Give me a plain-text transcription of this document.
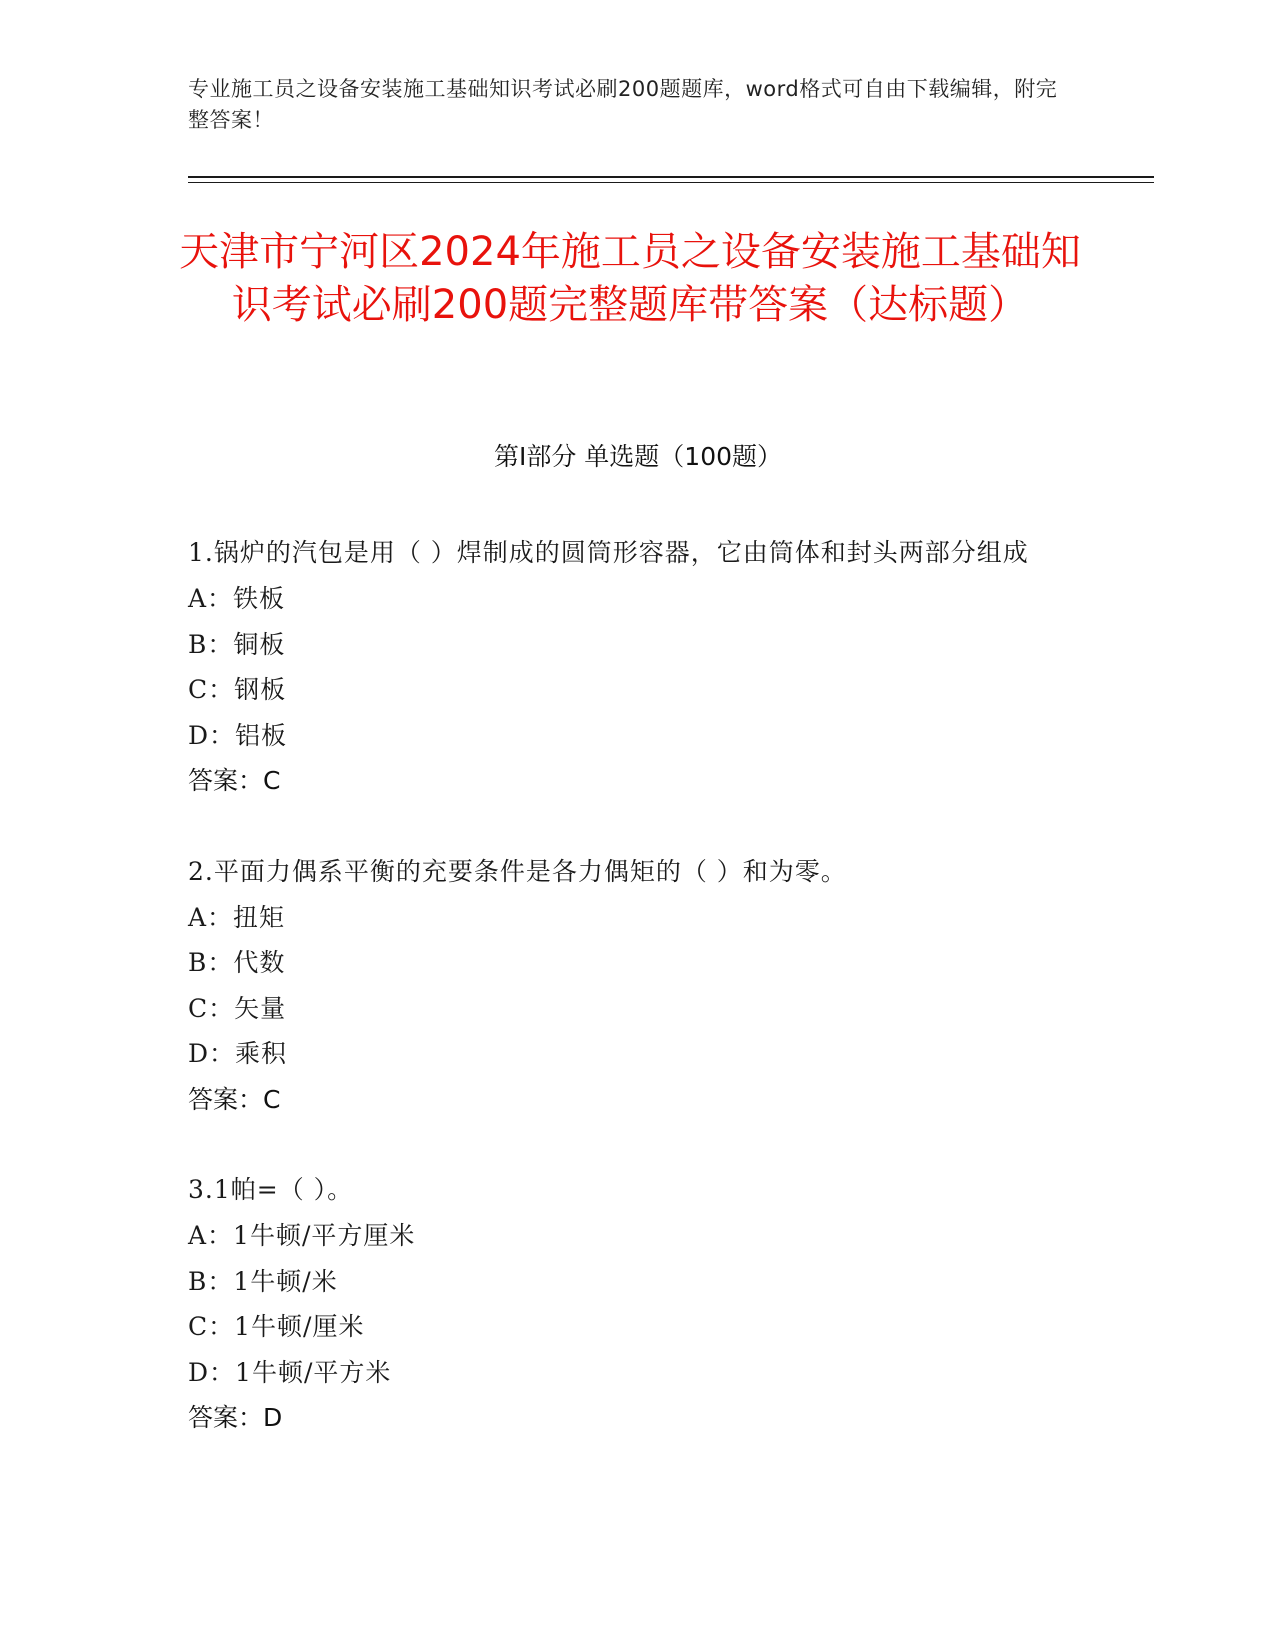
专业施工员之设备安装施工基础知识考试必刷200题题库，word格式可自由下载编辑，附完整答案！
天津市宁河区2024年施工员之设备安装施工基础知识考试必刷200题完整题库带答案（达标题）
第Ⅰ部分 单选题（100题）
1.锅炉的汽包是用（ ）焊制成的圆筒形容器，它由筒体和封头两部分组成
A：铁板
B：铜板
C：钢板
D：铝板
答案：C
2.平面力偶系平衡的充要条件是各力偶矩的（ ）和为零。
A：扭矩
B：代数
C：矢量
D：乘积
答案：C
3.1帕=（ ）。
A：1牛顿/平方厘米
B：1牛顿/米
C：1牛顿/厘米
D：1牛顿/平方米
答案：D
